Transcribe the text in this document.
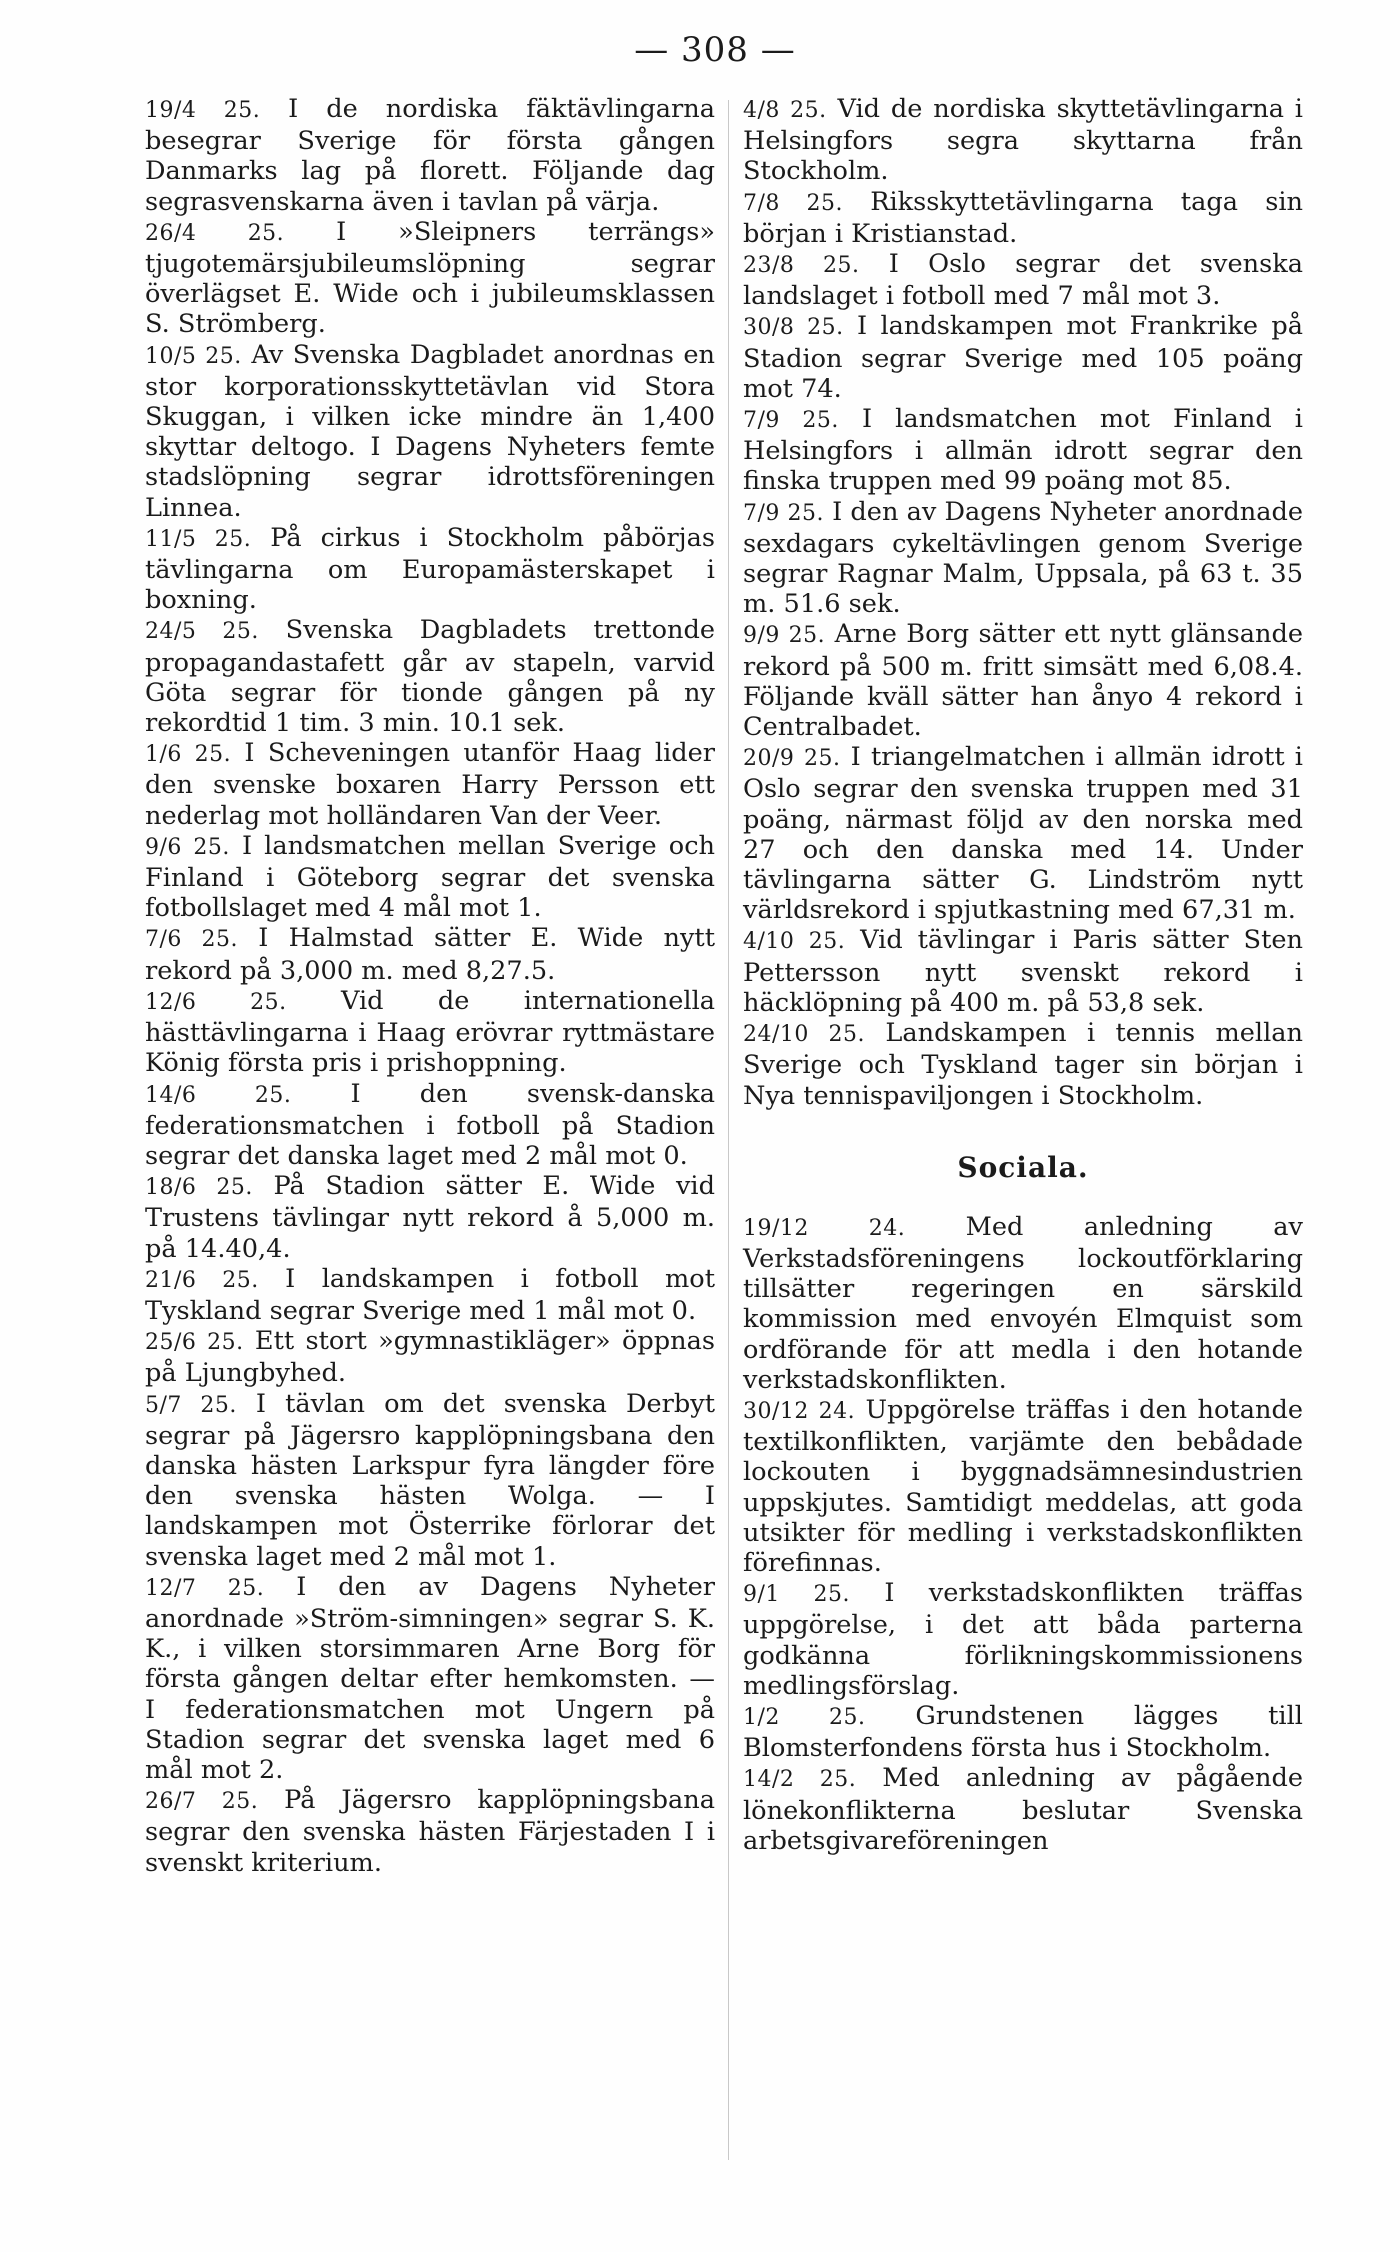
— 308 —

19/4 25. I de nordiska fäktävlingarna besegrar Sverige för första gången Danmarks lag på florett. Följande dag segrasvenskarna även i tavlan på värja.

26/4 25. I »Sleipners terrängs» tjugotemärsjubileumslöpning segrar överlägset E. Wide och i jubileumsklassen S. Strömberg.

10/5 25. Av Svenska Dagbladet anordnas en stor korporationsskyttetävlan vid Stora Skuggan, i vilken icke mindre än 1,400 skyttar deltogo. I Dagens Nyheters femte stadslöpning segrar idrottsföreningen Linnea.

11/5 25. På cirkus i Stockholm påbörjas tävlingarna om Europamästerskapet i boxning.

24/5 25. Svenska Dagbladets trettonde propagandastafett går av stapeln, varvid Göta segrar för tionde gången på ny rekordtid 1 tim. 3 min. 10.1 sek.

1/6 25. I Scheveningen utanför Haag lider den svenske boxaren Harry Persson ett nederlag mot holländaren Van der Veer.

9/6 25. I landsmatchen mellan Sverige och Finland i Göteborg segrar det svenska fotbollslaget med 4 mål mot 1.

7/6 25. I Halmstad sätter E. Wide nytt rekord på 3,000 m. med 8,27.5.

12/6 25. Vid de internationella hästtävlingarna i Haag erövrar ryttmästare König första pris i prishoppning.

14/6 25. I den svensk-danska federationsmatchen i fotboll på Stadion segrar det danska laget med 2 mål mot 0.

18/6 25. På Stadion sätter E. Wide vid Trustens tävlingar nytt rekord å 5,000 m. på 14.40,4.

21/6 25. I landskampen i fotboll mot Tyskland segrar Sverige med 1 mål mot 0.

25/6 25. Ett stort »gymnastikläger» öppnas på Ljungbyhed.

5/7 25. I tävlan om det svenska Derbyt segrar på Jägersro kapplöpningsbana den danska hästen Larkspur fyra längder före den svenska hästen Wolga. — I landskampen mot Österrike förlorar det svenska laget med 2 mål mot 1.

12/7 25. I den av Dagens Nyheter anordnade »Ström-simningen» segrar S. K. K., i vilken storsimmaren Arne Borg för första gången deltar efter hemkomsten. — I federationsmatchen mot Ungern på Stadion segrar det svenska laget med 6 mål mot 2.

26/7 25. På Jägersro kapplöpningsbana segrar den svenska hästen Färjestaden I i svenskt kriterium.

4/8 25. Vid de nordiska skyttetävlingarna i Helsingfors segra skyttarna från Stockholm.

7/8 25. Riksskyttetävlingarna taga sin början i Kristianstad.

23/8 25. I Oslo segrar det svenska landslaget i fotboll med 7 mål mot 3.

30/8 25. I landskampen mot Frankrike på Stadion segrar Sverige med 105 poäng mot 74.

7/9 25. I landsmatchen mot Finland i Helsingfors i allmän idrott segrar den finska truppen med 99 poäng mot 85.

7/9 25. I den av Dagens Nyheter anordnade sexdagars cykeltävlingen genom Sverige segrar Ragnar Malm, Uppsala, på 63 t. 35 m. 51.6 sek.

9/9 25. Arne Borg sätter ett nytt glänsande rekord på 500 m. fritt simsätt med 6,08.4. Följande kväll sätter han ånyo 4 rekord i Centralbadet.

20/9 25. I triangelmatchen i allmän idrott i Oslo segrar den svenska truppen med 31 poäng, närmast följd av den norska med 27 och den danska med 14. Under tävlingarna sätter G. Lindström nytt världsrekord i spjutkastning med 67,31 m.

4/10 25. Vid tävlingar i Paris sätter Sten Pettersson nytt svenskt rekord i häcklöpning på 400 m. på 53,8 sek.

24/10 25. Landskampen i tennis mellan Sverige och Tyskland tager sin början i Nya tennispaviljongen i Stockholm.

Sociala.

19/12 24. Med anledning av Verkstadsföreningens lockoutförklaring tillsätter regeringen en särskild kommission med envoyén Elmquist som ordförande för att medla i den hotande verkstadskonflikten.

30/12 24. Uppgörelse träffas i den hotande textilkonflikten, varjämte den bebådade lockouten i byggnadsämnesindustrien uppskjutes. Samtidigt meddelas, att goda utsikter för medling i verkstadskonflikten förefinnas.

9/1 25. I verkstadskonflikten träffas uppgörelse, i det att båda parterna godkänna förlikningskommissionens medlingsförslag.

1/2 25. Grundstenen lägges till Blomsterfondens första hus i Stockholm.

14/2 25. Med anledning av pågående lönekonflikterna beslutar Svenska arbetsgivareföreningen
